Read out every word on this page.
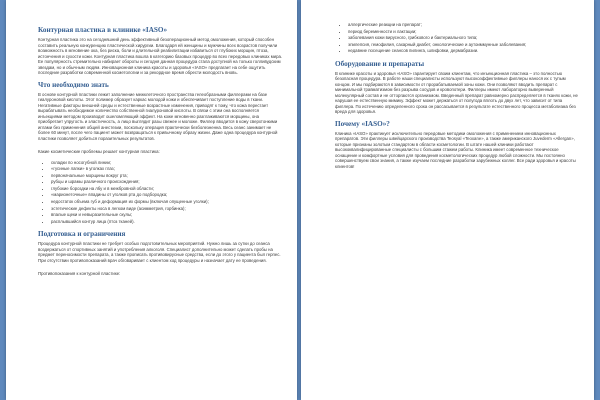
Контурная пластика в клинике «IASO»

Контурная пластика это на сегодняшний день эффективный безоперационный метод омоложения, который способен составить реальную конкуренцию пластической хирургии. Благодаря ей женщины и мужчины всех возрастов получили возможность в мгновение ока, без риска, боли и длительной реабилитации избавиться от глубоких морщин, птоза, истончения и сухости кожи. Контурная пластика вошла в категорию базовых процедур во всех передовых клиниках мира. Ее популярность стремительно набирает обороты и сегодня данная процедура стала доступной на только голливудским звездам, но и обычным людям. Инновационная клиника красоты и здоровья «IASO» предлагает на себе ощутить последние разработки современной косметологии и за рекордное время обрести молодость вновь.

Что необходимо знать

В основе контурной пластики лежит заполнение межклеточного пространства гелеобразными филлерами на базе гиалуроновой кислоты. Этот полимер образует каркас молодой кожи и обеспечивает поступление воды в ткани. Негативные факторы внешней среды и естественные возрастные изменения, приводят к тому, что кожа перестает вырабатывать необходимое количество собственной гиалуроновой кислоты. В связи с этим она восполняется инъекциями методом производит ошеломляющий эффект. На коже мгновенно разглаживаются морщины, она приобретает упругость и эластичность, а лицо выглядит разы свежее и моложе. Филлер вводится в кожу сверхтонкими иглами без применения общей анестезии, поскольку операция практически безболезненна. Весь сеанс занимает не более 60 минут, после чего пациент может возвращаться к привычному образу жизни. Даже одна процедура контурной пластики позволяет добиться поразительных результатов.

Какие косметические проблемы решает контурная пластика:

• складки по носогубной линии;
• «гусиные лапки» в уголках глаз;
• первоначальные морщины вокруг рта;
• рубцы и шрамы различного происхождения;
• глубокие бороздки на лбу и в межбровной области;
• «марионеточные» впадины от уголков рта до подбородка;
• недостаток объема губ и деформация их формы (включая опущенные уголки);
• эстетические дефекты носа в легком виде (асимметрия, горбинка);
• впалые щеки и невыразительные скулы;
• расплывшийся контур лица (птоз тканей).
Подготовка и ограничения

Процедура контурной пластики не требует особых подготовительных мероприятий. Нужно лишь за сутки до сеанса воздержаться от спортивных занятий и употребления алкоголя. Специалист дополнительно может сделать пробы на предмет переносимости препарата, а также прописать противовирусные средства, если до этого у пациента был герпес. При отсутствии противопоказаний врач обговаривает с клиентом ход процедуры и назначает дату ее проведения.

Противопоказания к контурной пластике:

• аллергические реакции на препарат;
• период беременности и лактации;
• заболевания кожи вирусного, грибкового и бактериального типа;
• эпилепсия, гемофилия, сахарный диабет, онкологические и аутоиммунные заболевания;
• недавние посещение сеансов пилинга, шлифовки, дермабразии.
Оборудование и препараты

В клинике красоты и здоровья «IASO» гарантирует своим клиентам, что инъекционная пластика – это полностью безопасная процедура. В работе наши специалисты используют высокоэффективные филлеры нанося их с тупым концом. И мы подбираются в зависимости от прорабатываемой зоны кожи. Они позволяют вводить препарат с минимальной травматизмом без разрыва сосудов и кровопотери. Филлеры имеют лабораторно выверенный молекулярный состав и не отторгаются организмом. Введенный препарат равномерно распределяется в тканях кожи, не нарушая ее естественную мимику. Эффект может держаться от полугода вплоть до двух лет, что зависит от типа филлера. По истечению определенного срока он рассасывается в результате естественного процесса метаболизма без вреда для здоровья.

Почему «IASO»?

Клиника «IASO» практикует исключительно передовые методики омоложения с применением инновационных препаратов. Эти филлеры швейцарского производства Teosyal «Teoxane», а также американского Juvederm «Allergan», которые признаны золотым стандартом в области косметологии. В штате нашей клиники работают высококвалифицированные специалисты с большим стажем работы. Клиника имеет современное техническое оснащение и комфортные условия для проведения косметологических процедур любой сложности. Мы постоянно совершенствуем свои знания, а также изучаем последние разработки зарубежных коллег. Все ради здоровья и красоты клиентов!
